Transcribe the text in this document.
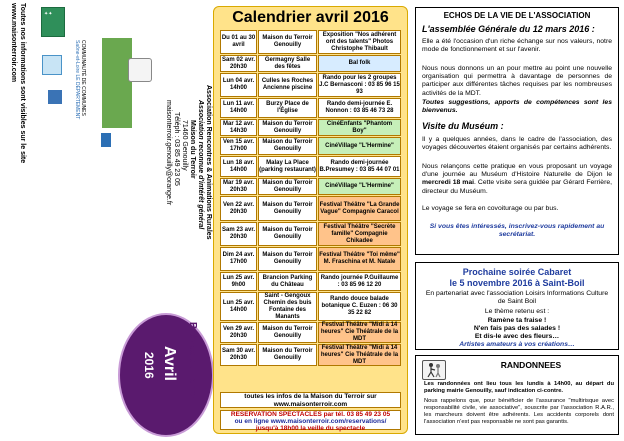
✦✦
Toutes nos informations sont visibles sur le site
www.maisonterroir.com	COMMUNAUTÉ DE COMMUNES
Saône-et-Loire LE DÉPARTEMENT
Association Rencontres & Animations Rurales
Association reconnue d'intérêt général
Maison du Terroir
71460 Genouilly
Téléph : 03 85 49 23 05
maisonterroir.genouilly@orange.fr
Brèves du Terroir
Avril
2016
Calendrier avril 2016
Du 01 au 30 avril
Maison du Terroir Genouilly
Exposition "Nos adhérent ont des talents" Photos Christophe Thibault
Sam 02 avr. 20h30
Germagny Salle des fêtes
Bal folk
Lun 04 avr. 14h00
Culles les Roches Ancienne piscine
Rando pour les 2 groupes J.C Bernasconi : 03 85 96 15 93
Lun 11 avr. 14h00
Burzy Place de l'Église
Rando demi-journée E. Nonnon : 03 85 46 73 28
Mar 12 avr. 14h30
Maison du Terroir Genouilly
CinéEnfants "Phantom Boy"
Ven 15 avr. 17h00
Maison du Terroir Genouilly
CinéVillage "L'Hermine"
Lun 18 avr. 14h00
Malay La Place (parking restaurant)
Rando demi-journée B.Presumey : 03 85 44 07 01
Mar 19 avr. 20h30
Maison du Terroir Genouilly
CinéVillage "L'Hermine"
Ven 22 avr. 20h30
Maison du Terroir Genouilly
Festival Théâtre "La Grande Vague" Compagnie Caracol
Sam 23 avr. 20h30
Maison du Terroir Genouilly
Festival Théâtre "Secrète famille" Compagnie Chikadee
Dim 24 avr. 17h00
Maison du Terroir Genouilly
Festival Théâtre "Toi même" M. Fraschina et M. Natale
Lun 25 avr. 9h00
Brancion Parking du Château
Rando journée P.Guillaume : 03 85 96 12 20
Lun 25 avr. 14h00
Saint - Gengoux Chemin des buis Fontaine des Manants
Rando douce balade botanique C. Euzen : 06 30 35 22 82
Ven 29 avr. 20h30
Maison du Terroir Genouilly
Festival Théâtre "Midi à 14 heures" Cie Théâtrale de la MDT
Sam 30 avr. 20h30
Maison du Terroir Genouilly
Festival Théâtre "Midi à 14 heures" Cie Théâtrale de la MDT
toutes les infos de la Maison du Terroir sur
www.maisonterroir.com
RESERVATION SPECTACLES par tél. 03 85 49 23 05
ou en ligne www.maisonterroir.com/reservations/
jusqu'à 18h00 la veille du spectacle
ECHOS DE LA VIE DE L'ASSOCIATION
L'assemblée Générale du 12 mars 2016 :
Elle a été l'occasion d'un riche échange sur nos valeurs, notre mode de fonctionnement et sur l'avenir.
Nous nous donnons un an pour mettre au point une nouvelle organisation qui permettra à davantage de personnes de participer aux différentes tâches requises par les nombreuses activités de la MDT.
Toutes suggestions, apports de compétences sont les bienvenus.
Visite du Muséum :
Il y a quelques années, dans le cadre de l'association, des voyages découvertes étaient organisés par certains adhérents.
Nous relançons cette pratique en vous proposant un voyage d'une journée au Muséum d'Histoire Naturelle de Dijon le mercredi 18 mai. Cette visite sera guidée par Gérard Ferrière, directeur du Muséum.
Le voyage se fera en covoiturage ou par bus.
Si vous êtes intéressés, inscrivez-vous rapidement au secrétariat.
Prochaine soirée Cabaret
le 5 novembre 2016 à Saint-Boil
En partenariat avec l'association Loisirs Informations Culture de Saint Boil
Le thème retenu est :
Ramène ta fraise !
N'en fais pas des salades !
Et dis-le avec des fleurs…
Artistes amateurs à vos créations…
RANDONNEES
Les randonnées ont lieu tous les lundis à 14h00, au départ du parking mairie Genouilly, sauf indication ci-contre.
Nous rappelons que, pour bénéficier de l'assurance "multirisque avec responsabilité civile, vie associative", souscrite par l'association R.A.R., les marcheurs doivent être adhérents. Les accidents corporels dont l'association n'est pas responsable ne sont pas garantis.
